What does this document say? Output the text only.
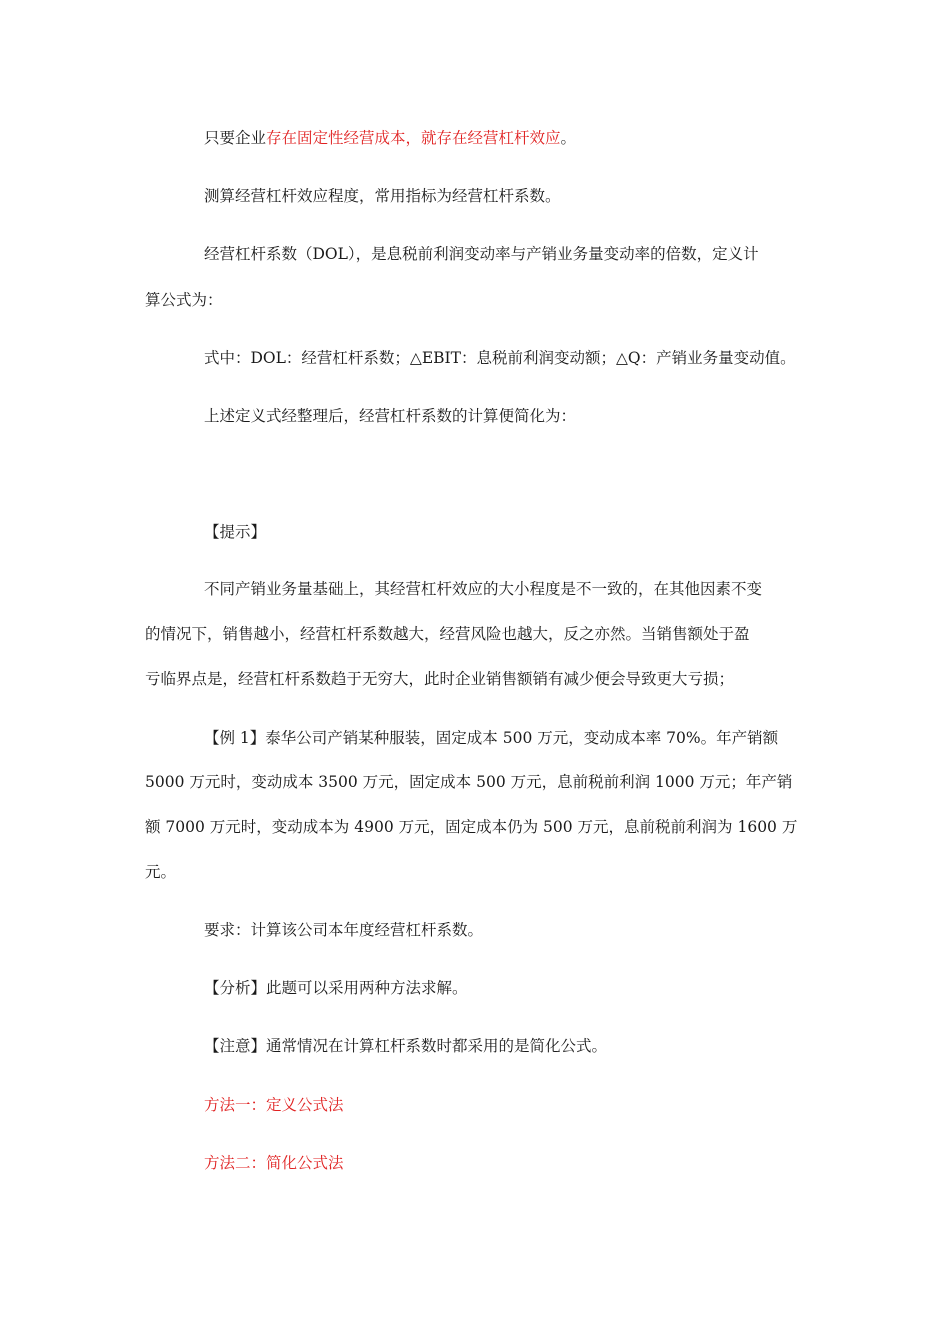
只要企业存在固定性经营成本，就存在经营杠杆效应。
测算经营杠杆效应程度，常用指标为经营杠杆系数。
经营杠杆系数（DOL），是息税前利润变动率与产销业务量变动率的倍数，定义计
算公式为：
式中：DOL：经营杠杆系数；△EBIT：息税前利润变动额；△Q：产销业务量变动值。
上述定义式经整理后，经营杠杆系数的计算便简化为：
【提示】
不同产销业务量基础上，其经营杠杆效应的大小程度是不一致的，在其他因素不变
的情况下，销售越小，经营杠杆系数越大，经营风险也越大，反之亦然。当销售额处于盈
亏临界点是，经营杠杆系数趋于无穷大，此时企业销售额销有减少便会导致更大亏损；
【例 1】泰华公司产销某种服装，固定成本 500 万元，变动成本率 70%。年产销额
5000 万元时，变动成本 3500 万元，固定成本 500 万元，息前税前利润 1000 万元；年产销
额 7000 万元时，变动成本为 4900 万元，固定成本仍为 500 万元，息前税前利润为 1600 万
元。
要求：计算该公司本年度经营杠杆系数。
【分析】此题可以采用两种方法求解。
【注意】通常情况在计算杠杆系数时都采用的是简化公式。
方法一：定义公式法
方法二：简化公式法
